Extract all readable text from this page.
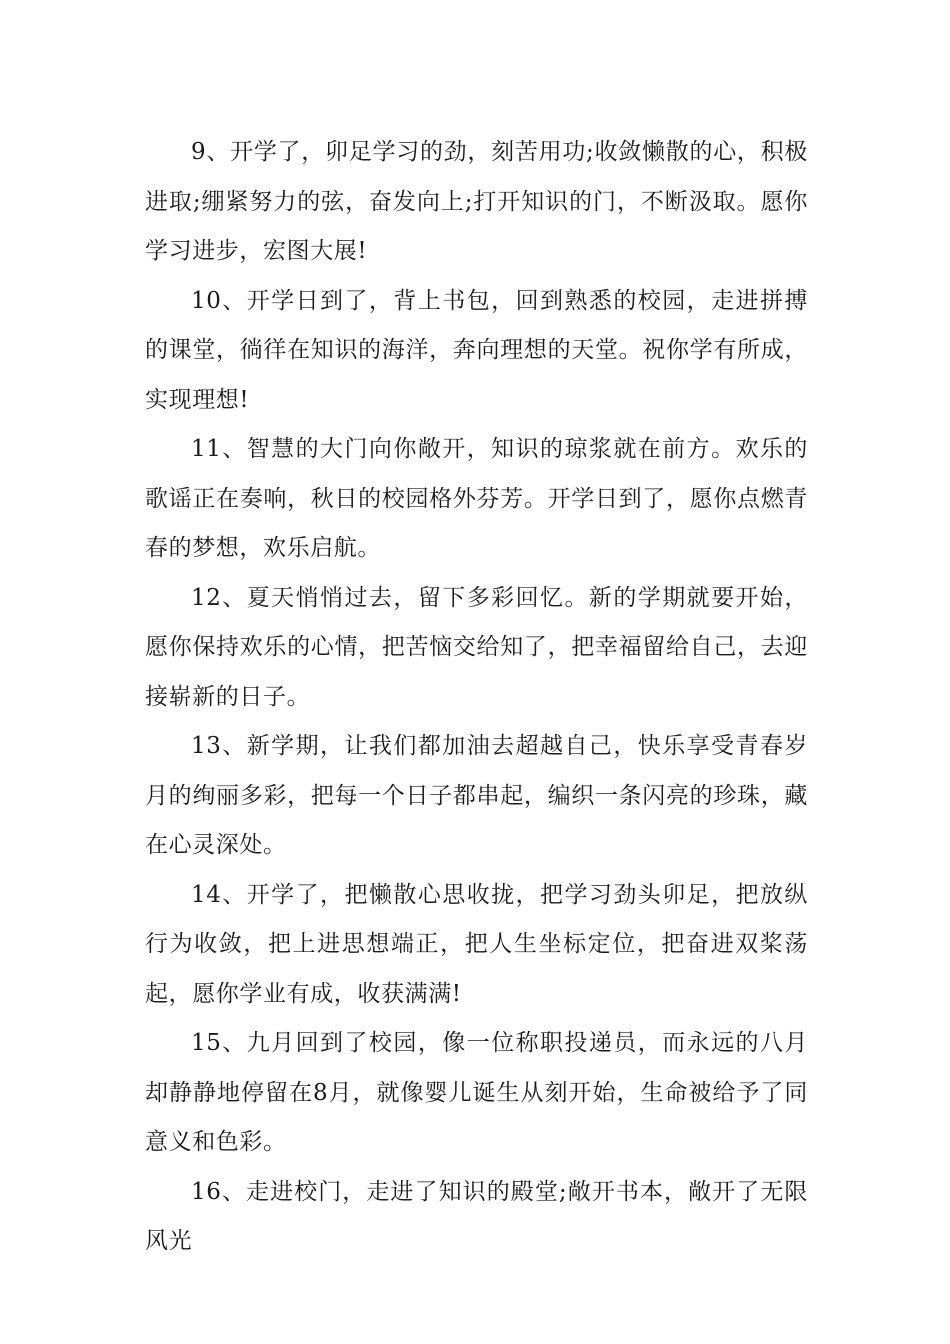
9、开学了，卯足学习的劲，刻苦用功;收敛懒散的心，积极进取;绷紧努力的弦，奋发向上;打开知识的门，不断汲取。愿你学习进步，宏图大展!

10、开学日到了，背上书包，回到熟悉的校园，走进拼搏的课堂，徜徉在知识的海洋，奔向理想的天堂。祝你学有所成，实现理想!

11、智慧的大门向你敞开，知识的琼浆就在前方。欢乐的歌谣正在奏响，秋日的校园格外芬芳。开学日到了，愿你点燃青春的梦想，欢乐启航。

12、夏天悄悄过去，留下多彩回忆。新的学期就要开始，愿你保持欢乐的心情，把苦恼交给知了，把幸福留给自己，去迎接崭新的日子。

13、新学期，让我们都加油去超越自己，快乐享受青春岁月的绚丽多彩，把每一个日子都串起，编织一条闪亮的珍珠，藏在心灵深处。

14、开学了，把懒散心思收拢，把学习劲头卯足，把放纵行为收敛，把上进思想端正，把人生坐标定位，把奋进双桨荡起，愿你学业有成，收获满满!

15、九月回到了校园，像一位称职投递员，而永远的八月却静静地停留在8月，就像婴儿诞生从刻开始，生命被给予了同意义和色彩。

16、走进校门，走进了知识的殿堂;敞开书本，敞开了无限风光
